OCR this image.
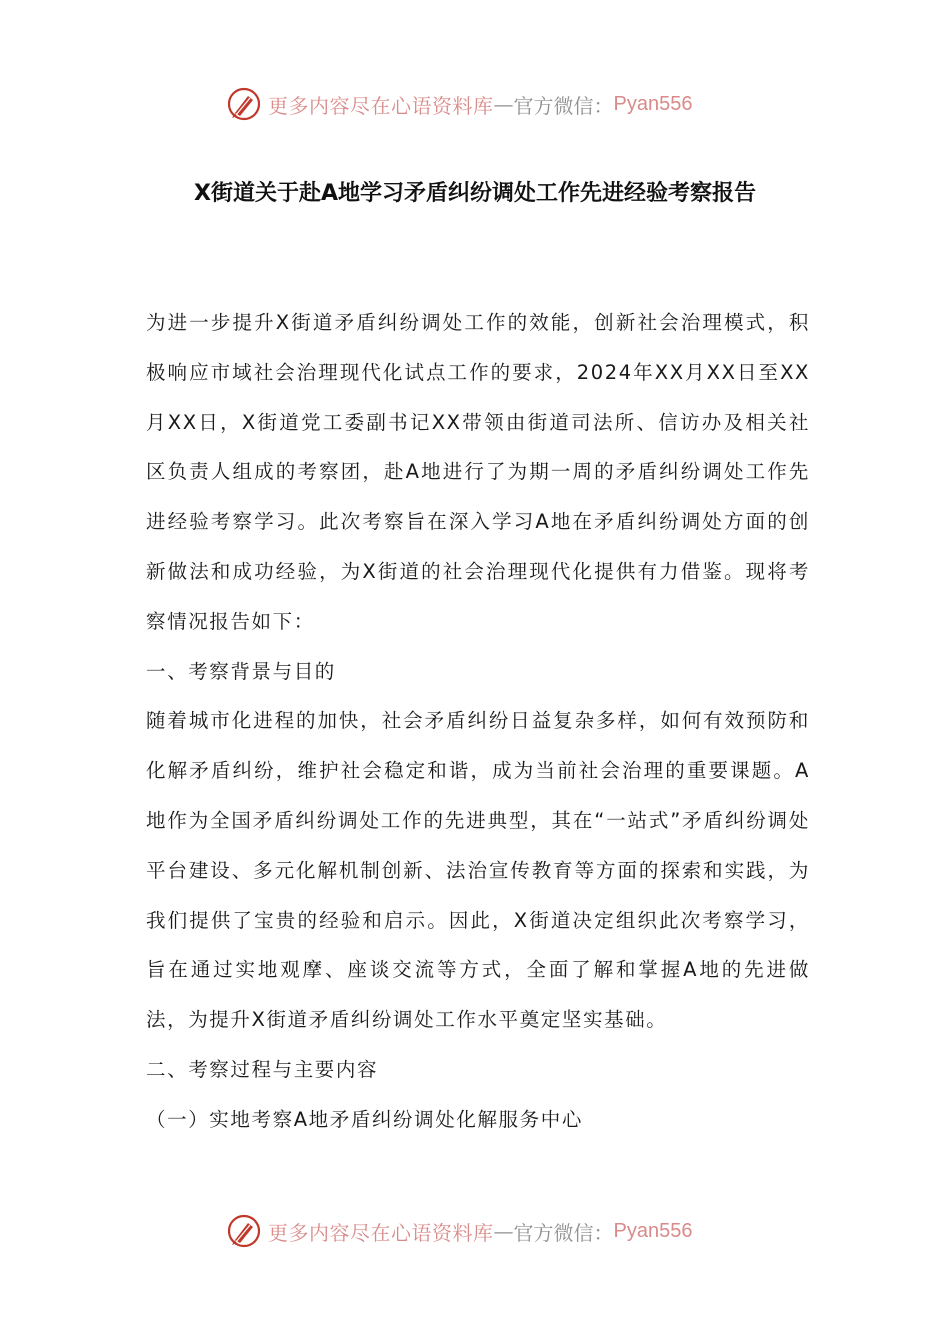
更多内容尽在心语资料库 — 官方微信： Pyan556
X街道关于赴A地学习矛盾纠纷调处工作先进经验考察报告

为进一步提升X街道矛盾纠纷调处工作的效能，创新社会治理模式，积极响应市域社会治理现代化试点工作的要求，2024年XX月XX日至XX月XX日，X街道党工委副书记XX带领由街道司法所、信访办及相关社区负责人组成的考察团，赴A地进行了为期一周的矛盾纠纷调处工作先进经验考察学习。此次考察旨在深入学习A地在矛盾纠纷调处方面的创新做法和成功经验，为X街道的社会治理现代化提供有力借鉴。现将考察情况报告如下：

一、考察背景与目的

随着城市化进程的加快，社会矛盾纠纷日益复杂多样，如何有效预防和化解矛盾纠纷，维护社会稳定和谐，成为当前社会治理的重要课题。A地作为全国矛盾纠纷调处工作的先进典型，其在“一站式”矛盾纠纷调处平台建设、多元化解机制创新、法治宣传教育等方面的探索和实践，为我们提供了宝贵的经验和启示。因此，X街道决定组织此次考察学习，旨在通过实地观摩、座谈交流等方式，全面了解和掌握A地的先进做法，为提升X街道矛盾纠纷调处工作水平奠定坚实基础。

二、考察过程与主要内容

（一）实地考察A地矛盾纠纷调处化解服务中心

更多内容尽在心语资料库 — 官方微信： Pyan556
